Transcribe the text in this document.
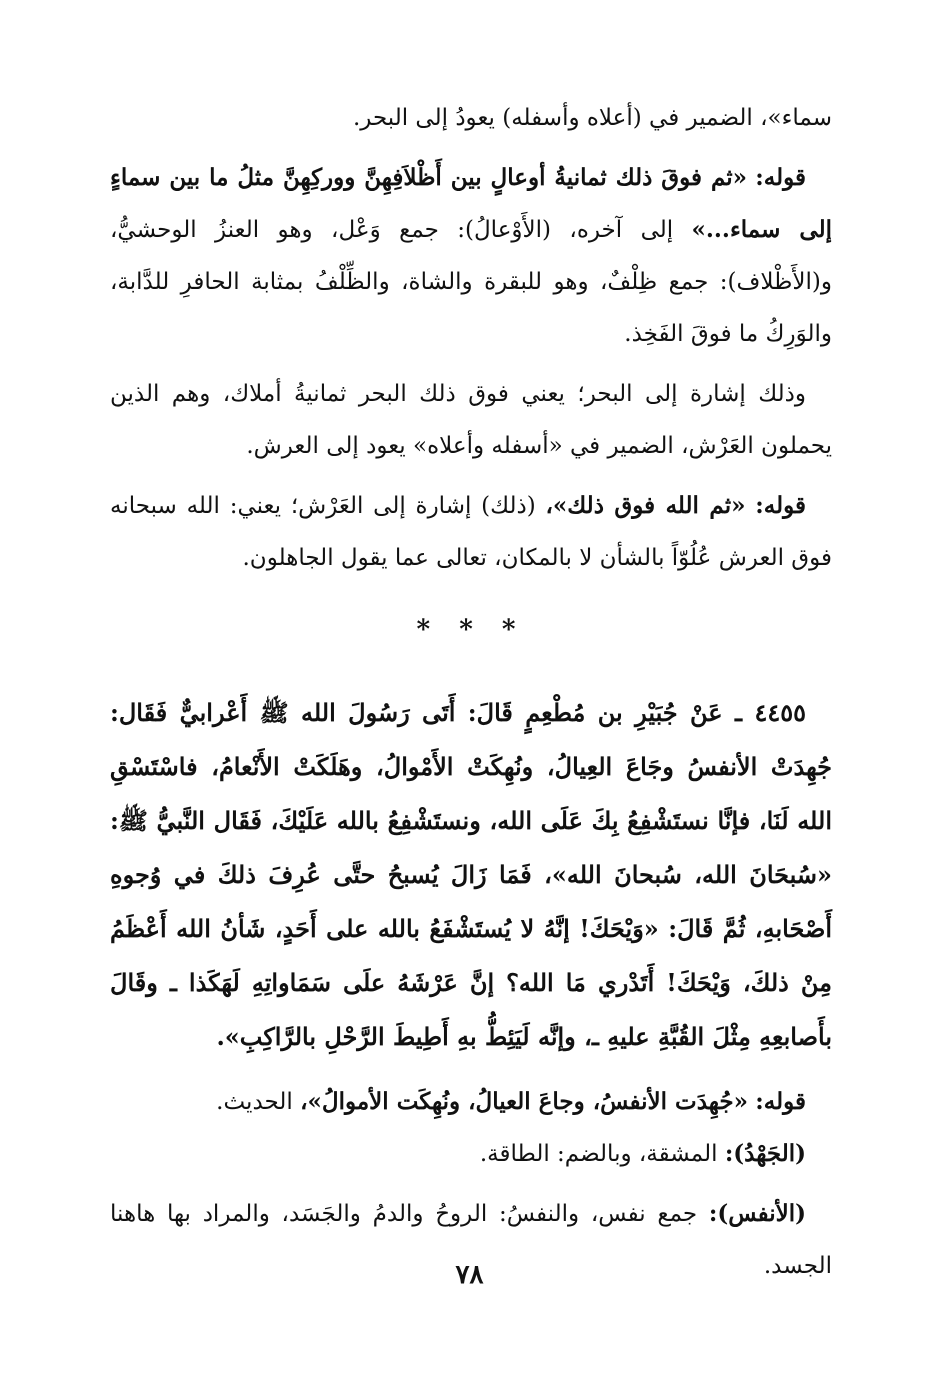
سماء»، الضمير في (أعلاه وأسفله) يعودُ إلى البحر.

قوله: «ثم فوقَ ذلك ثمانيةُ أوعالٍ بين أَظْلاَفِهِنَّ ووركِهِنَّ مثلُ ما بين سماءٍ إلى سماء...» إلى آخره، (الأَوْعالُ): جمع وَعْل، وهو العنزُ الوحشيُّ، و(الأَظْلاف): جمع ظِلْفٌ، وهو للبقرة والشاة، والظِّلْفُ بمثابة الحافرِ للدَّابة، والوَرِكُ ما فوقَ الفَخِذ.

وذلك إشارة إلى البحر؛ يعني فوق ذلك البحر ثمانيةُ أملاك، وهم الذين يحملون العَرْش، الضمير في «أسفله وأعلاه» يعود إلى العرش.

قوله: «ثم الله فوق ذلك»، (ذلك) إشارة إلى العَرْش؛ يعني: الله سبحانه فوق العرش عُلُوّاً بالشأن لا بالمكان، تعالى عما يقول الجاهلون.

* * *

٤٤٥٥ ـ عَنْ جُبَيْرِ بن مُطْعِمٍ قَالَ: أَتَى رَسُولَ الله ﷺ أَعْرابيٌّ فَقَال: جُهِدَتْ الأنفسُ وجَاعَ العِيالُ، ونُهِكَتْ الأَمْوالُ، وهَلَكَتْ الأَنْعامُ، فاسْتَسْقِ الله لَنَا، فإنَّا نستَشْفِعُ بِكَ عَلَى الله، ونستَشْفِعُ بالله عَلَيْكَ، فَقَال النَّبيُّ ﷺ: «سُبحَانَ الله، سُبحانَ الله»، فَمَا زَالَ يُسبحُ حتَّى عُرِفَ ذلكَ في وُجوهِ أَصْحَابهِ، ثُمَّ قَالَ: «وَيْحَكَ! إنَّهُ لا يُستَشْفَعُ بالله على أَحَدٍ، شَأنُ الله أَعْظَمُ مِنْ ذلكَ، وَيْحَكَ! أَتَدْري مَا الله؟ إنَّ عَرْشَهُ علَى سَمَاواتِهِ لَهَكَذا ـ وقَالَ بأَصابعِهِ مِثْلَ القُبَّةِ عليهِ ـ، وإنَّه لَيَئِطُّ بهِ أَطِيطَ الرَّحْلِ بالرَّاكِبِ».

قوله: «جُهِدَت الأنفسُ، وجاعَ العيالُ، ونُهِكَت الأموالُ»، الحديث.

(الجَهْدُ): المشقة، وبالضم: الطاقة.

(الأنفس): جمع نفس، والنفسُ: الروحُ والدمُ والجَسَد، والمراد بها هاهنا الجسد.

٧٨
